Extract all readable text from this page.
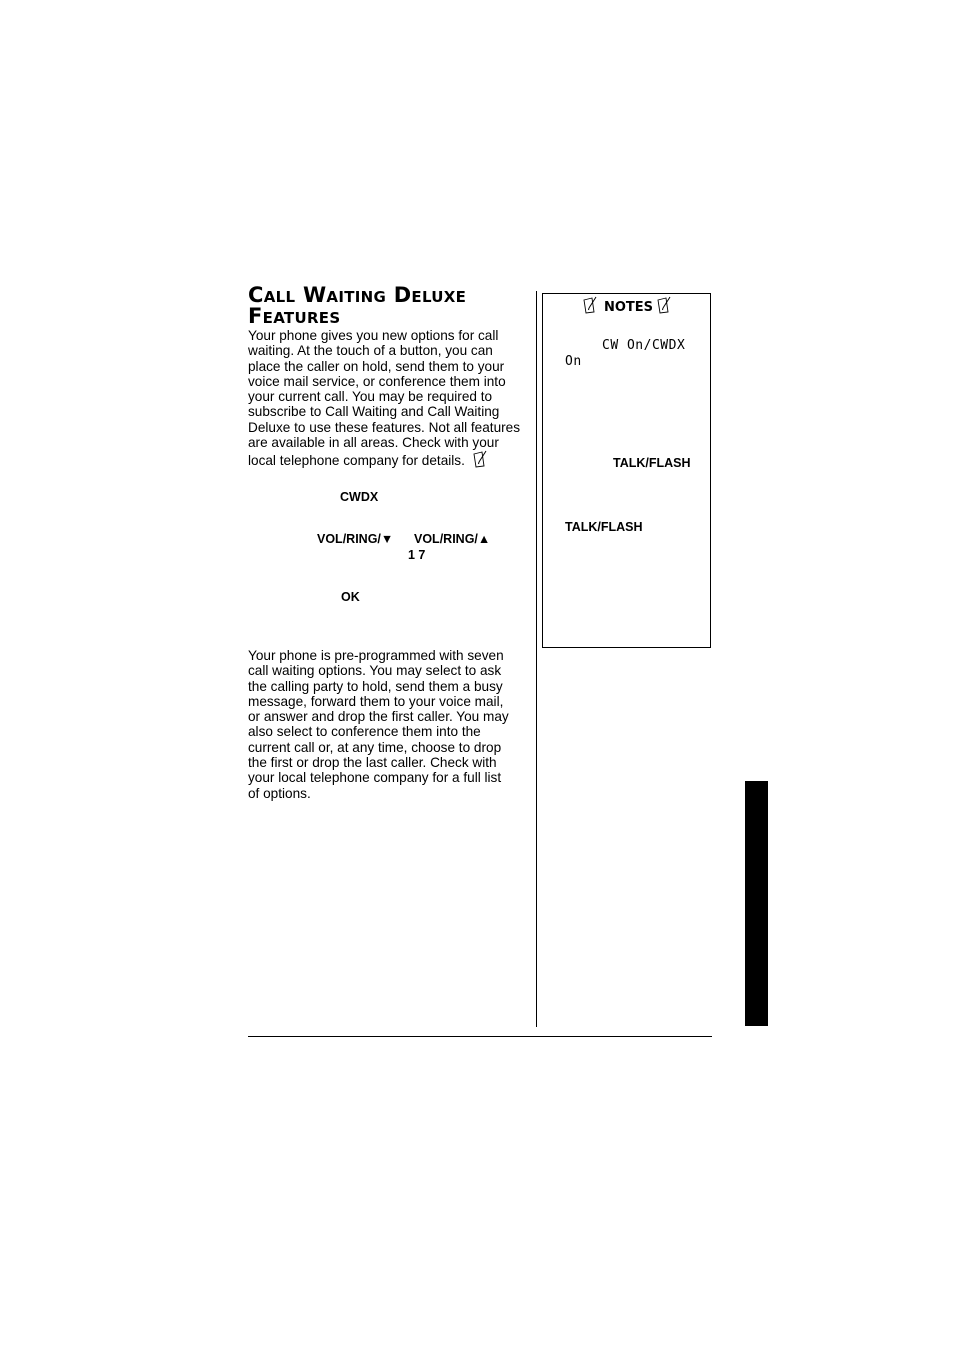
Call Waiting Deluxe
Features
Your phone gives you new options for call
waiting. At the touch of a button, you can
place the caller on hold, send them to your
voice mail service, or conference them into
your current call. You may be required to
subscribe to Call Waiting and Call Waiting
Deluxe to use these features. Not all features
are available in all areas. Check with your
local telephone company for details.
CWDX
VOL/RING/▼ VOL/RING/▲
1 7
OK
Your phone is pre-programmed with seven
call waiting options. You may select to ask
the calling party to hold, send them a busy
message, forward them to your voice mail,
or answer and drop the first caller. You may
also select to conference them into the
current call or, at any time, choose to drop
the first or drop the last caller. Check with
your local telephone company for a full list
of options.
NOTES
CW On/CWDX
On
TALK/FLASH
TALK/FLASH
